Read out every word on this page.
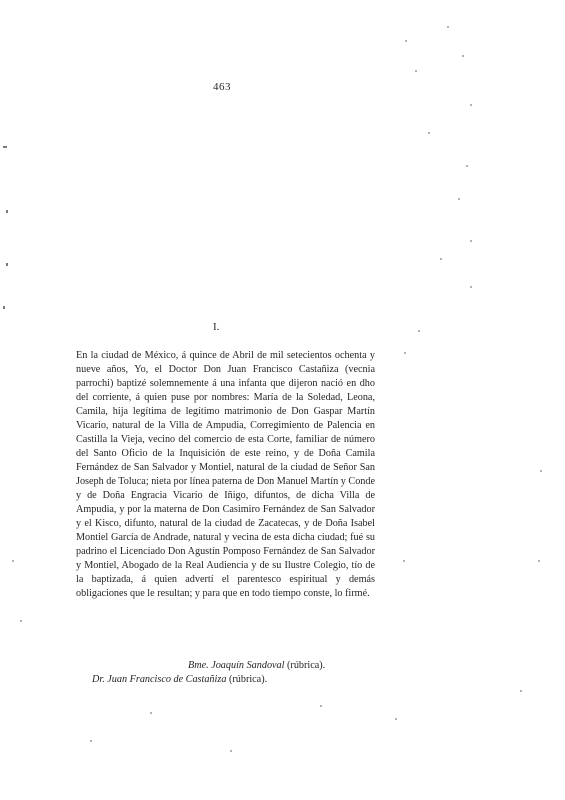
463
I.

En la ciudad de México, á quince de Abril de mil setecientos ochenta y nueve años, Yo, el Doctor Don Juan Francisco Castañiza (vecnia parrochi) baptizé solemnemente á una infanta que dijeron nació en dho del corriente, á quien puse por nombres: María de la Soledad, Leona, Camila, hija legítima de legítimo matrimonio de Don Gaspar Martín Vicario, natural de la Villa de Ampudia, Corregimiento de Palencia en Castilla la Vieja, vecino del comercio de esta Corte, familiar de número del Santo Oficio de la Inquisición de este reino, y de Doña Camila Fernández de San Salvador y Montiel, natural de la ciudad de Señor San Joseph de Toluca; nieta por línea paterna de Don Manuel Martín y Conde y de Doña Engracia Vicario de Iñigo, difuntos, de dicha Villa de Ampudia, y por la materna de Don Casimiro Fernández de San Salvador y el Kisco, difunto, natural de la ciudad de Zacatecas, y de Doña Isabel Montiel García de Andrade, natural y vecina de esta dicha ciudad; fué su padrino el Licenciado Don Agustín Pomposo Fernández de San Salvador y Montiel, Abogado de la Real Audiencia y de su Ilustre Colegio, tío de la baptizada, á quien advertí el parentesco espiritual y demás obligaciones que le resultan; y para que en todo tiempo conste, lo firmé.

Bme. Joaquín Sandoval (rúbrica).
Dr. Juan Francisco de Castañiza (rúbrica).
